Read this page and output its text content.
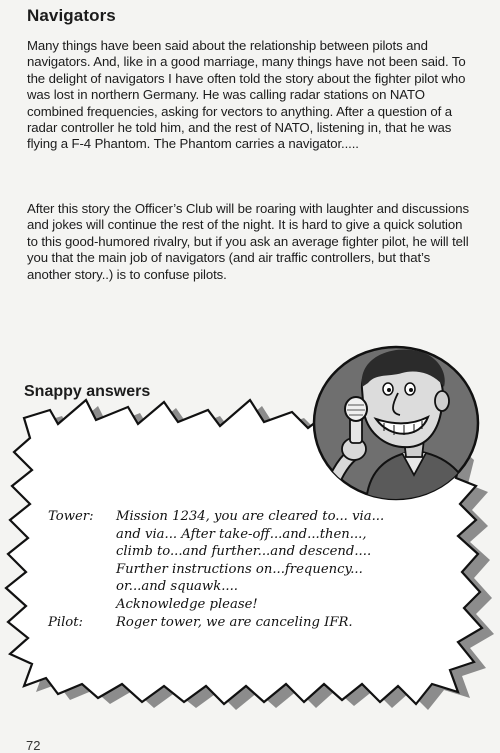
Navigators

Many things have been said about the relationship between pilots and navigators. And, like in a good marriage, many things have not been said. To the delight of navigators I have often told the story about the fighter pilot who was lost in northern Germany. He was calling radar stations on NATO combined frequencies, asking for vectors to anything. After a question of a radar controller he told him, and the rest of NATO, listening in, that he was flying a F-4 Phantom. The Phantom carries a navigator.....

After this story the Officer’s Club will be roaring with laughter and discussions and jokes will continue the rest of the night. It is hard to give a quick solution to this good-humored rivalry, but if you ask an average fighter pilot, he will tell you that the main job of navigators (and air traffic controllers, but that’s another story..) is to confuse pilots.

Snappy answers
Tower:	Mission 1234, you are cleared to... via...
and via... After take-off...and...then...,
climb to...and further...and descend....
Further instructions on...frequency...
or...and squawk....
Acknowledge please!
Pilot:	Roger tower, we are canceling IFR.
72
